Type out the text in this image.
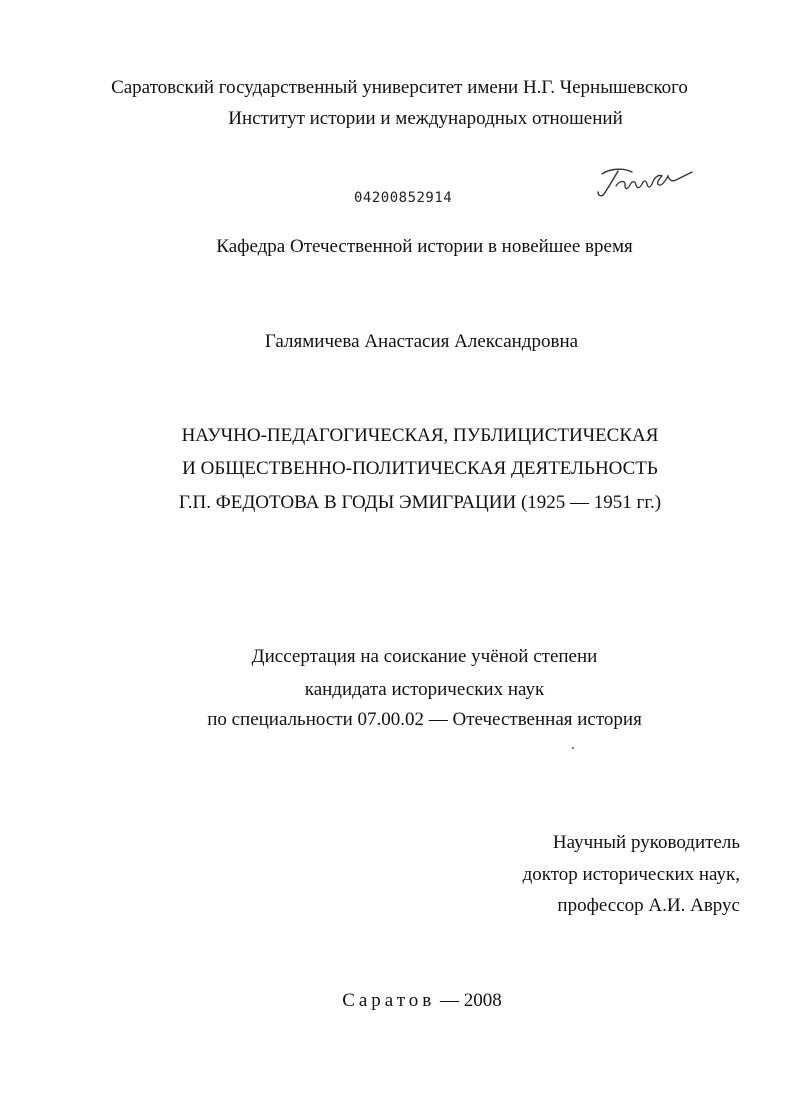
Саратовский государственный университет имени Н.Г. Чернышевского
Институт истории и международных отношений
04200852914
Кафедра Отечественной истории в новейшее время
Галямичева Анастасия Александровна
НАУЧНО-ПЕДАГОГИЧЕСКАЯ, ПУБЛИЦИСТИЧЕСКАЯ
И ОБЩЕСТВЕННО-ПОЛИТИЧЕСКАЯ ДЕЯТЕЛЬНОСТЬ
Г.П. ФЕДОТОВА В ГОДЫ ЭМИГРАЦИИ (1925 — 1951 гг.)
Диссертация на соискание учёной степени
кандидата исторических наук
по специальности 07.00.02 — Отечественная история
Научный руководитель
доктор исторических наук,
профессор А.И. Аврус
Саратов — 2008
